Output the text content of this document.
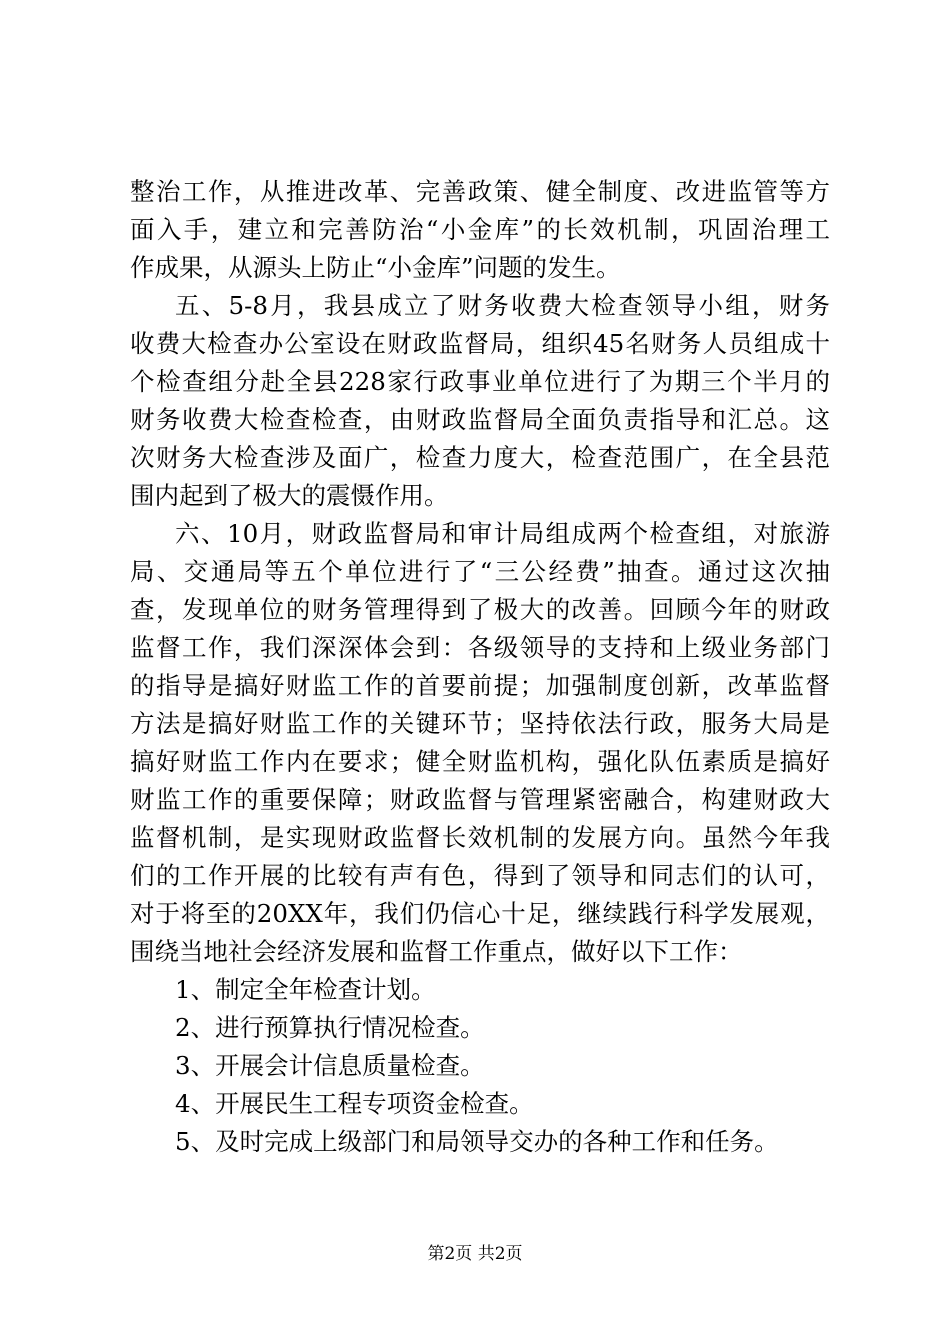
整治工作，从推进改革、完善政策、健全制度、改进监管等方
面入手，建立和完善防治“小金库”的长效机制，巩固治理工
作成果，从源头上防止“小金库”问题的发生。
五、5-8月，我县成立了财务收费大检查领导小组，财务
收费大检查办公室设在财政监督局，组织45名财务人员组成十
个检查组分赴全县228家行政事业单位进行了为期三个半月的
财务收费大检查检查，由财政监督局全面负责指导和汇总。这
次财务大检查涉及面广，检查力度大，检查范围广，在全县范
围内起到了极大的震慑作用。
六、10月，财政监督局和审计局组成两个检查组，对旅游
局、交通局等五个单位进行了“三公经费”抽查。通过这次抽
查，发现单位的财务管理得到了极大的改善。回顾今年的财政
监督工作，我们深深体会到：各级领导的支持和上级业务部门
的指导是搞好财监工作的首要前提；加强制度创新，改革监督
方法是搞好财监工作的关键环节；坚持依法行政，服务大局是
搞好财监工作内在要求；健全财监机构，强化队伍素质是搞好
财监工作的重要保障；财政监督与管理紧密融合，构建财政大
监督机制，是实现财政监督长效机制的发展方向。虽然今年我
们的工作开展的比较有声有色，得到了领导和同志们的认可，
对于将至的20XX年，我们仍信心十足，继续践行科学发展观，
围绕当地社会经济发展和监督工作重点，做好以下工作：
1、制定全年检查计划。
2、进行预算执行情况检查。
3、开展会计信息质量检查。
4、开展民生工程专项资金检查。
5、及时完成上级部门和局领导交办的各种工作和任务。
第2页 共2页
